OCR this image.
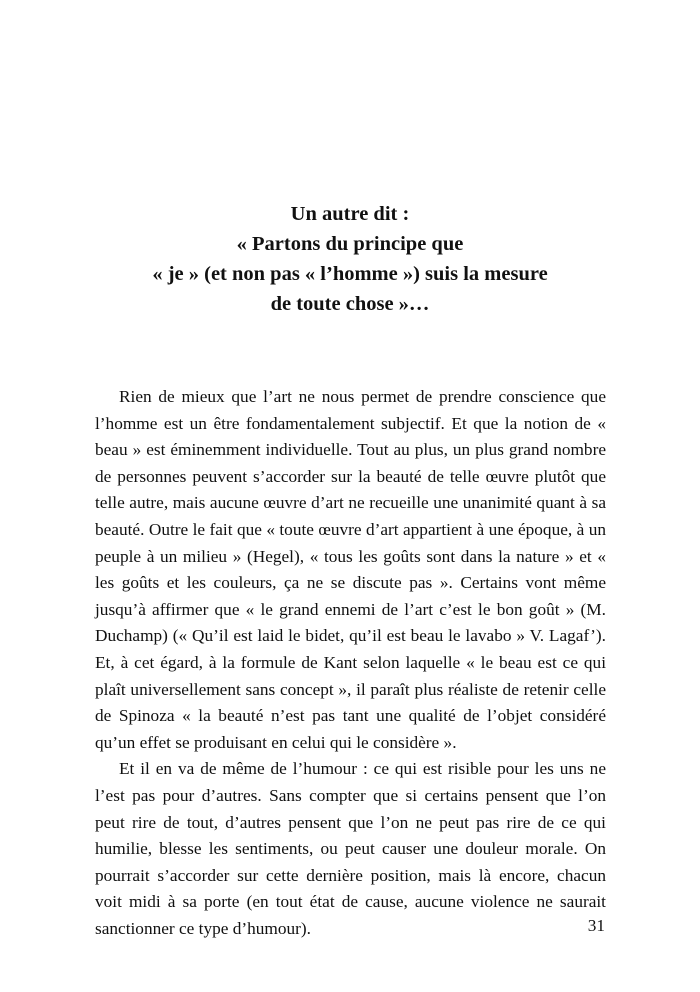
Un autre dit :
« Partons du principe que
« je » (et non pas « l’homme ») suis la mesure
de toute chose »…

Rien de mieux que l’art ne nous permet de prendre conscience que l’homme est un être fondamentalement subjectif. Et que la notion de « beau » est éminemment individuelle. Tout au plus, un plus grand nombre de personnes peuvent s’accorder sur la beauté de telle œuvre plutôt que telle autre, mais aucune œuvre d’art ne recueille une unanimité quant à sa beauté. Outre le fait que « toute œuvre d’art appartient à une époque, à un peuple à un milieu » (Hegel), « tous les goûts sont dans la nature » et « les goûts et les couleurs, ça ne se discute pas ». Certains vont même jusqu’à affirmer que « le grand ennemi de l’art c’est le bon goût » (M. Duchamp) (« Qu’il est laid le bidet, qu’il est beau le lavabo » V. Lagaf’). Et, à cet égard, à la formule de Kant selon laquelle « le beau est ce qui plaît universellement sans concept », il paraît plus réaliste de retenir celle de Spinoza « la beauté n’est pas tant une qualité de l’objet considéré qu’un effet se produisant en celui qui le considère ».

Et il en va de même de l’humour : ce qui est risible pour les uns ne l’est pas pour d’autres. Sans compter que si certains pensent que l’on peut rire de tout, d’autres pensent que l’on ne peut pas rire de ce qui humilie, blesse les sentiments, ou peut causer une douleur morale. On pourrait s’accorder sur cette dernière position, mais là encore, chacun voit midi à sa porte (en tout état de cause, aucune violence ne saurait sanctionner ce type d’humour).	31
